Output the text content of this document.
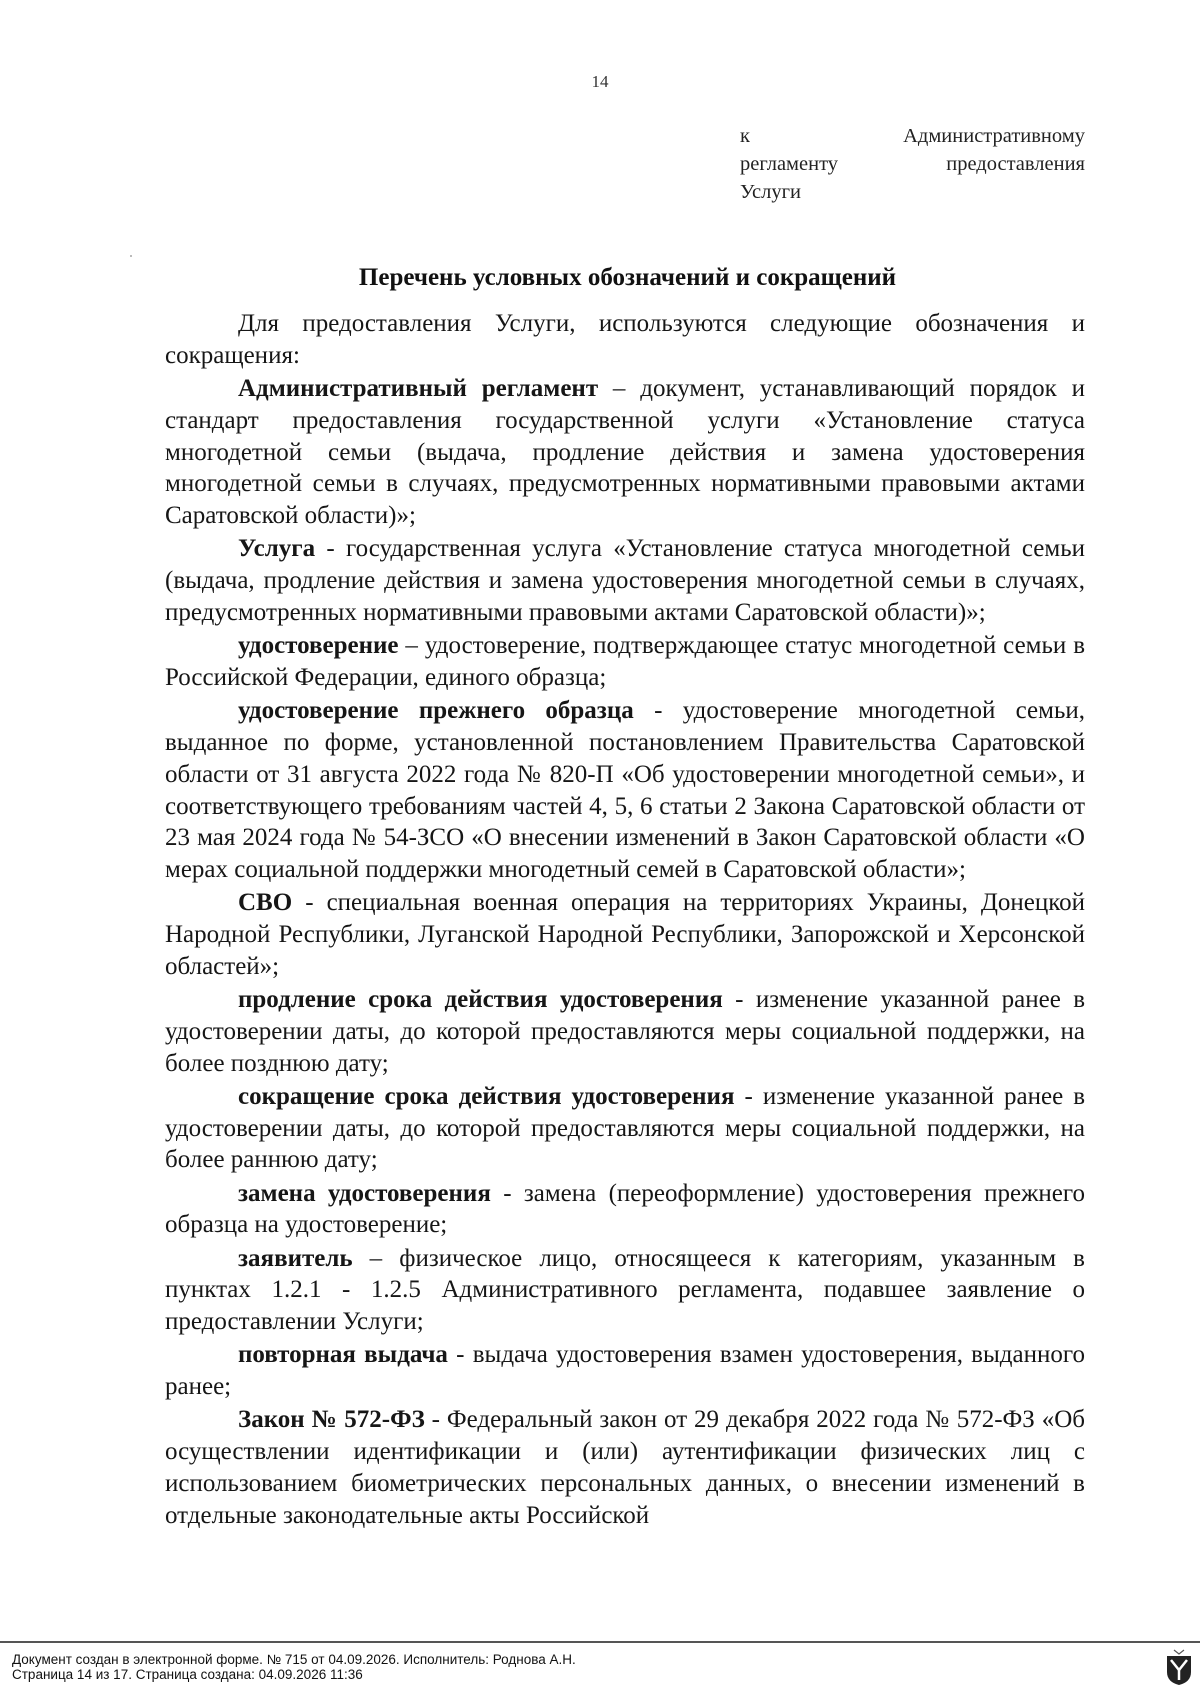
14
к	Административному
регламенту	предоставления
Услуги
Перечень условных обозначений и сокращений

Для предоставления Услуги, используются следующие обозначения и сокращения:

Административный регламент – документ, устанавливающий порядок и стандарт предоставления государственной услуги «Установление статуса многодетной семьи (выдача, продление действия и замена удостоверения многодетной семьи в случаях, предусмотренных нормативными правовыми актами Саратовской области)»;

Услуга - государственная услуга «Установление статуса многодетной семьи (выдача, продление действия и замена удостоверения многодетной семьи в случаях, предусмотренных нормативными правовыми актами Саратовской области)»;

удостоверение – удостоверение, подтверждающее статус многодетной семьи в Российской Федерации, единого образца;

удостоверение прежнего образца - удостоверение многодетной семьи, выданное по форме, установленной постановлением Правительства Саратовской области от 31 августа 2022 года № 820-П «Об удостоверении многодетной семьи», и соответствующего требованиям частей 4, 5, 6 статьи 2 Закона Саратовской области от 23 мая 2024 года № 54-ЗСО «О внесении изменений в Закон Саратовской области «О мерах социальной поддержки многодетный семей в Саратовской области»;

СВО - специальная военная операция на территориях Украины, Донецкой Народной Республики, Луганской Народной Республики, Запорожской и Херсонской областей»;

продление срока действия удостоверения - изменение указанной ранее в удостоверении даты, до которой предоставляются меры социальной поддержки, на более позднюю дату;

сокращение срока действия удостоверения - изменение указанной ранее в удостоверении даты, до которой предоставляются меры социальной поддержки, на более раннюю дату;

замена удостоверения - замена (переоформление) удостоверения прежнего образца на удостоверение;

заявитель – физическое лицо, относящееся к категориям, указанным в пунктах 1.2.1 - 1.2.5 Административного регламента, подавшее заявление о предоставлении Услуги;

повторная выдача - выдача удостоверения взамен удостоверения, выданного ранее;

Закон № 572-ФЗ - Федеральный закон от 29 декабря 2022 года № 572-ФЗ «Об осуществлении идентификации и (или) аутентификации физических лиц с использованием биометрических персональных данных, о внесении изменений в отдельные законодательные акты Российской

Документ создан в электронной форме. № 715 от 04.09.2026. Исполнитель: Роднова А.Н.
Страница 14 из 17. Страница создана: 04.09.2026 11:36
